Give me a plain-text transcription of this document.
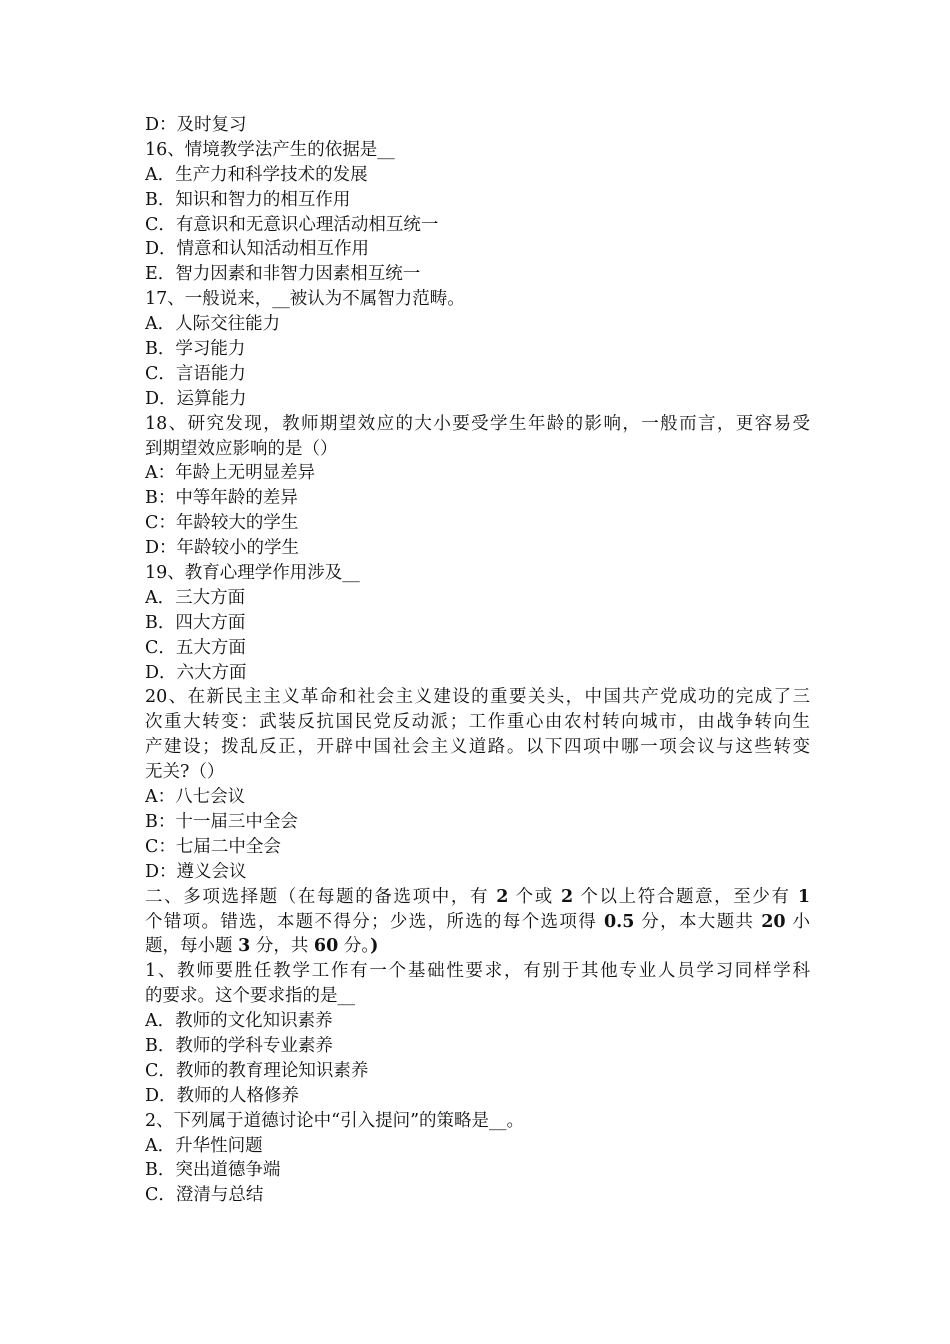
D：及时复习
16、情境教学法产生的依据是__
A．生产力和科学技术的发展
B．知识和智力的相互作用
C．有意识和无意识心理活动相互统一
D．情意和认知活动相互作用
E．智力因素和非智力因素相互统一
17、一般说来，__被认为不属智力范畴。
A．人际交往能力
B．学习能力
C．言语能力
D．运算能力
18、研究发现，教师期望效应的大小要受学生年龄的影响，一般而言，更容易受
到期望效应影响的是（）
A：年龄上无明显差异
B：中等年龄的差异
C：年龄较大的学生
D：年龄较小的学生
19、教育心理学作用涉及__
A．三大方面
B．四大方面
C．五大方面
D．六大方面
20、在新民主主义革命和社会主义建设的重要关头，中国共产党成功的完成了三
次重大转变：武装反抗国民党反动派；工作重心由农村转向城市，由战争转向生
产建设；拨乱反正，开辟中国社会主义道路。以下四项中哪一项会议与这些转变
无关?（）
A：八七会议
B：十一届三中全会
C：七届二中全会
D：遵义会议
二、多项选择题（在每题的备选项中，有 2 个或 2 个以上符合题意，至少有 1
个错项。错选，本题不得分；少选，所选的每个选项得 0.5 分，本大题共 20 小
题，每小题 3 分，共 60 分。)
1、教师要胜任教学工作有一个基础性要求，有别于其他专业人员学习同样学科
的要求。这个要求指的是__
A．教师的文化知识素养
B．教师的学科专业素养
C．教师的教育理论知识素养
D．教师的人格修养
2、下列属于道德讨论中“引入提问”的策略是__。
A．升华性问题
B．突出道德争端
C．澄清与总结
